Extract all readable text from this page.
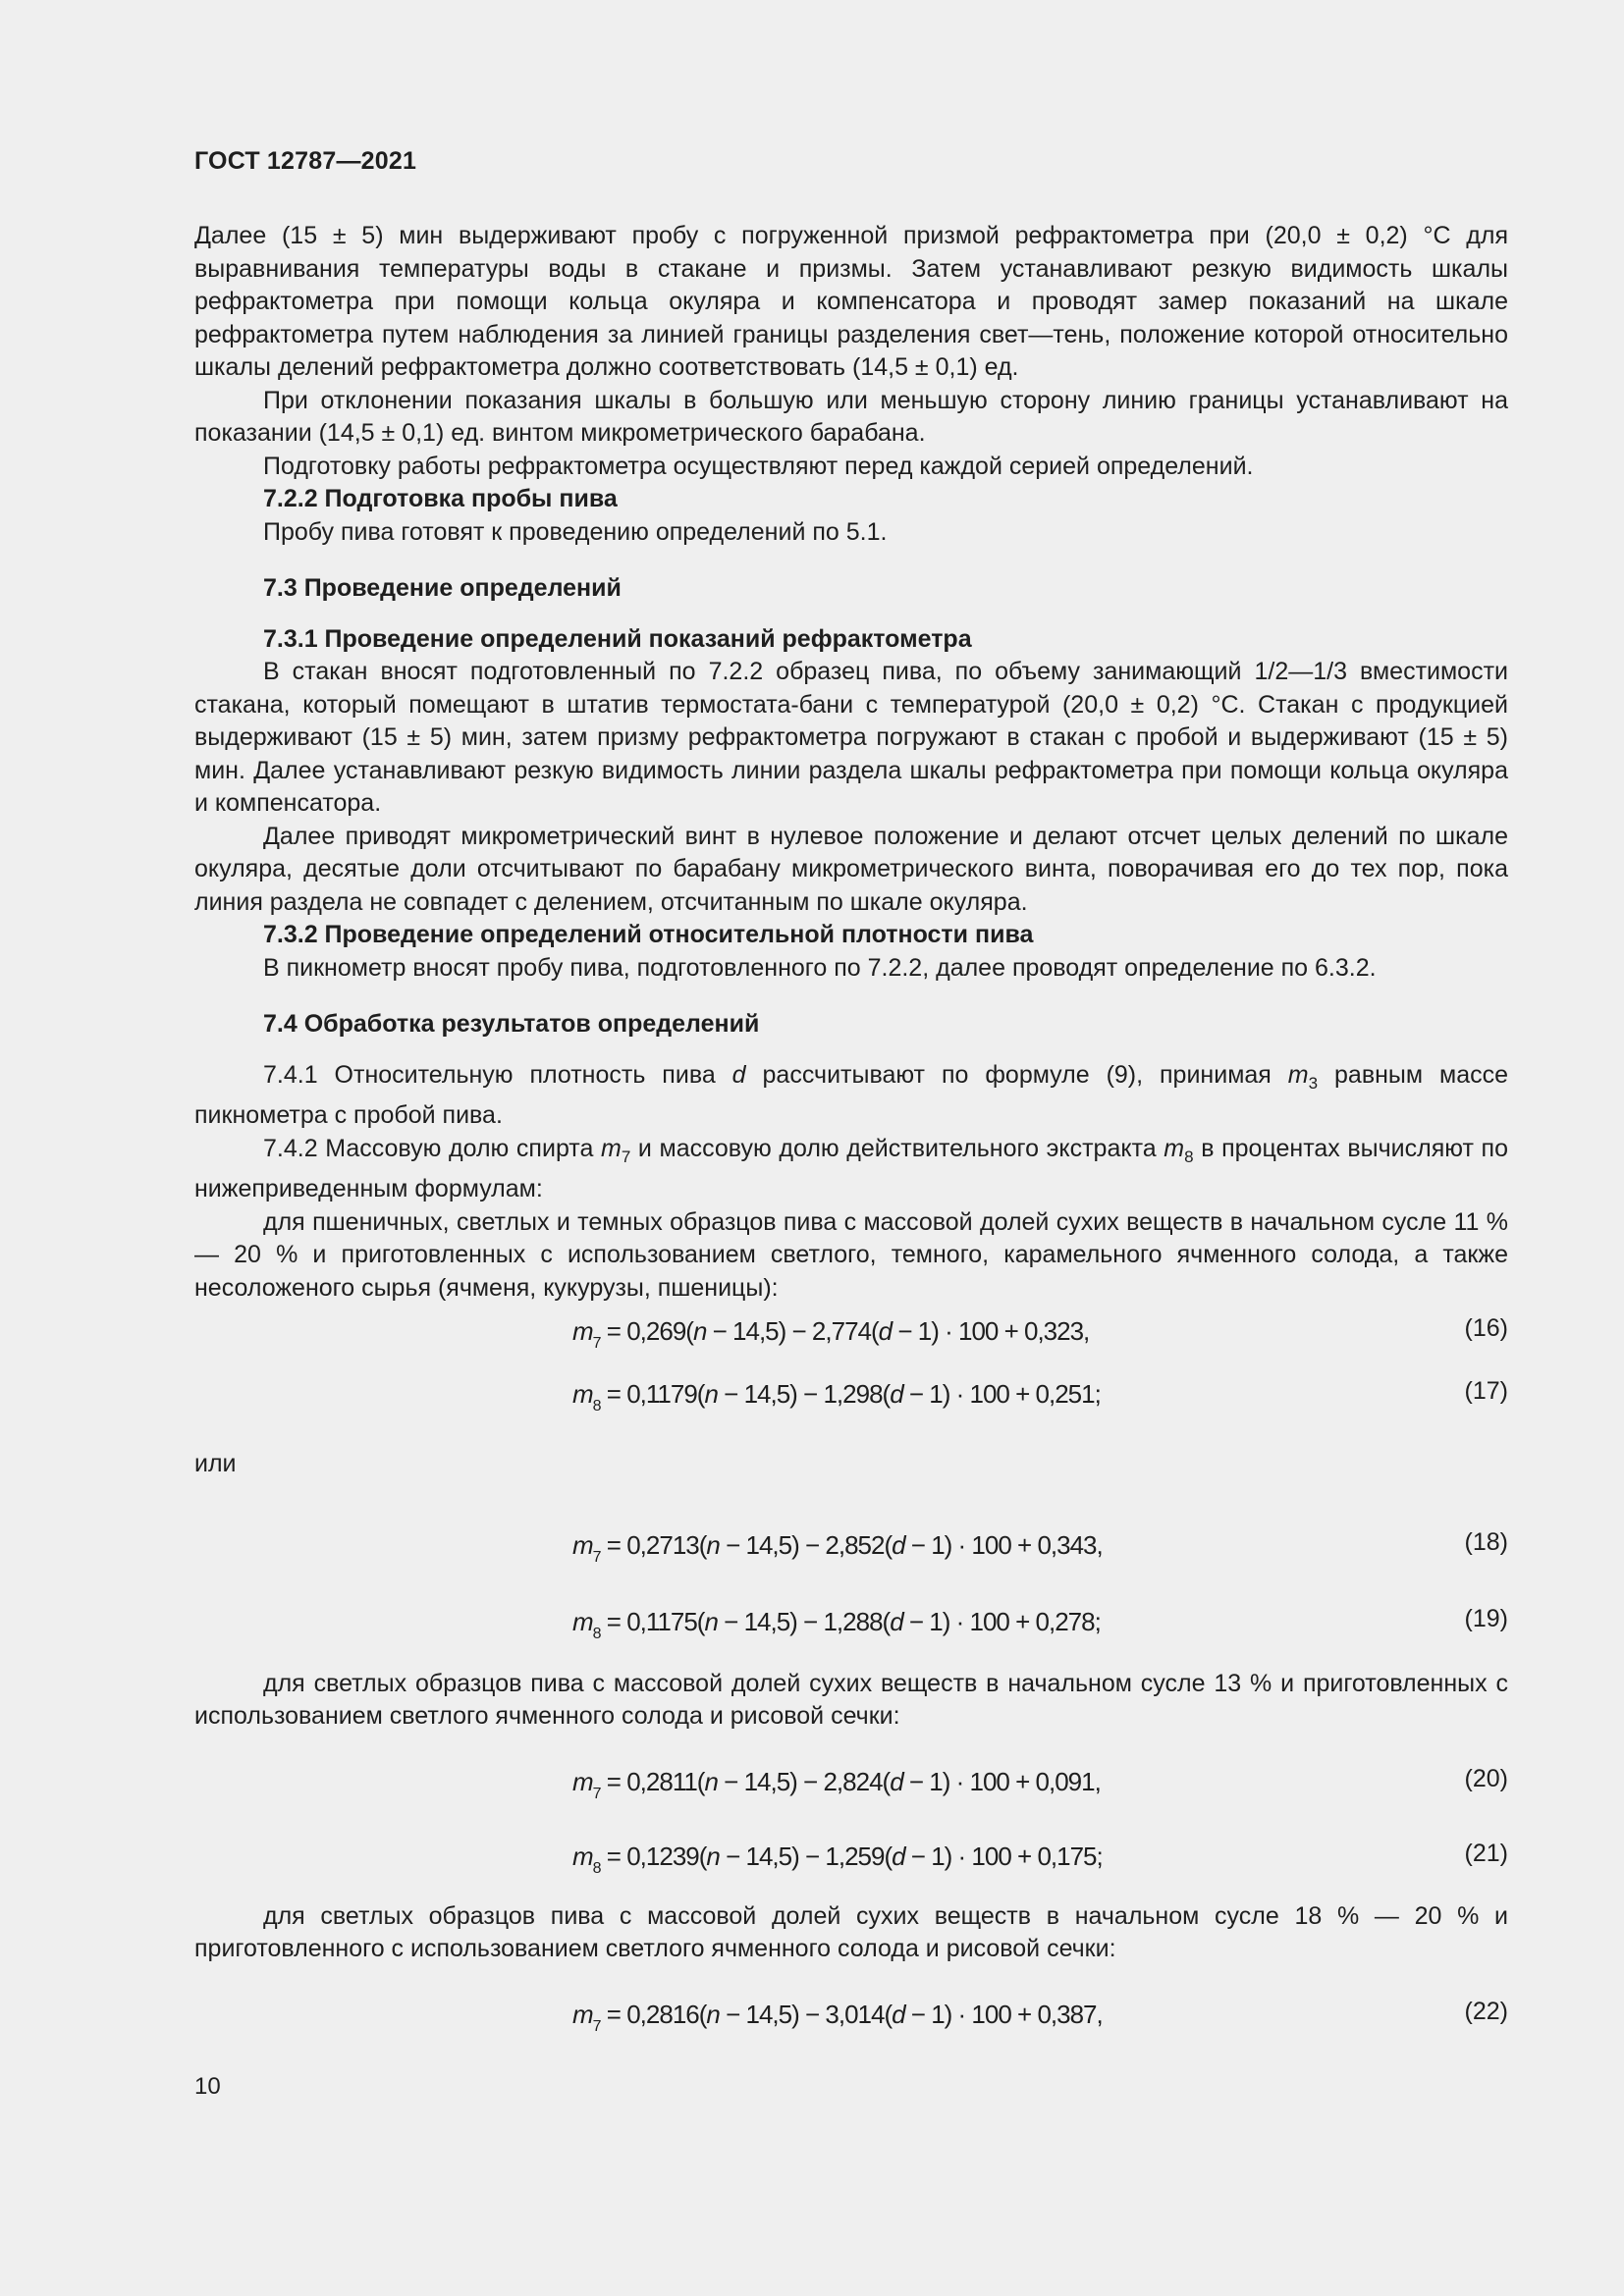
ГОСТ 12787—2021

Далее (15 ± 5) мин выдерживают пробу с погруженной призмой рефрактометра при (20,0 ± 0,2) °С для выравнивания температуры воды в стакане и призмы. Затем устанавливают резкую видимость шкалы рефрактометра при помощи кольца окуляра и компенсатора и проводят замер показаний на шкале рефрактометра путем наблюдения за линией границы разделения свет—тень, положение которой относительно шкалы делений рефрактометра должно соответствовать (14,5 ± 0,1) ед.

При отклонении показания шкалы в большую или меньшую сторону линию границы устанавливают на показании (14,5 ± 0,1) ед. винтом микрометрического барабана.

Подготовку работы рефрактометра осуществляют перед каждой серией определений.

7.2.2 Подготовка пробы пива

Пробу пива готовят к проведению определений по 5.1.

7.3 Проведение определений
7.3.1 Проведение определений показаний рефрактометра

В стакан вносят подготовленный по 7.2.2 образец пива, по объему занимающий 1/2—1/3 вместимости стакана, который помещают в штатив термостата-бани с температурой (20,0 ± 0,2) °С. Стакан с продукцией выдерживают (15 ± 5) мин, затем призму рефрактометра погружают в стакан с пробой и выдерживают (15 ± 5) мин. Далее устанавливают резкую видимость линии раздела шкалы рефрактометра при помощи кольца окуляра и компенсатора.

Далее приводят микрометрический винт в нулевое положение и делают отсчет целых делений по шкале окуляра, десятые доли отсчитывают по барабану микрометрического винта, поворачивая его до тех пор, пока линия раздела не совпадет с делением, отсчитанным по шкале окуляра.

7.3.2 Проведение определений относительной плотности пива

В пикнометр вносят пробу пива, подготовленного по 7.2.2, далее проводят определение по 6.3.2.

7.4 Обработка результатов определений

7.4.1 Относительную плотность пива d рассчитывают по формуле (9), принимая $m_3$ равным массе пикнометра с пробой пива.

7.4.2 Массовую долю спирта $m_7$ и массовую долю действительного экстракта $m_8$ в процентах вычисляют по нижеприведенным формулам:

для пшеничных, светлых и темных образцов пива с массовой долей сухих веществ в начальном сусле 11 % — 20 % и приготовленных с использованием светлого, темного, карамельного ячменного солода, а также несоложеного сырья (ячменя, кукурузы, пшеницы):

$m_7 = 0,269(n - 14,5) - 2,774(d - 1) \cdot 100 + 0,323$,	(16)
$m_8 = 0,1179(n - 14,5) - 1,298(d - 1) \cdot 100 + 0,251$;	(17)

или

$m_7 = 0,2713(n - 14,5) - 2,852(d - 1) \cdot 100 + 0,343$,	(18)
$m_8 = 0,1175(n - 14,5) - 1,288(d - 1) \cdot 100 + 0,278$;	(19)

для светлых образцов пива с массовой долей сухих веществ в начальном сусле 13 % и приготовленных с использованием светлого ячменного солода и рисовой сечки:

$m_7 = 0,2811(n - 14,5) - 2,824(d - 1) \cdot 100 + 0,091$,	(20)
$m_8 = 0,1239(n - 14,5) - 1,259(d - 1) \cdot 100 + 0,175$;	(21)

для светлых образцов пива с массовой долей сухих веществ в начальном сусле 18 % — 20 % и приготовленного с использованием светлого ячменного солода и рисовой сечки:

$m_7 = 0,2816(n - 14,5) - 3,014(d - 1) \cdot 100 + 0,387$,	(22)
10
